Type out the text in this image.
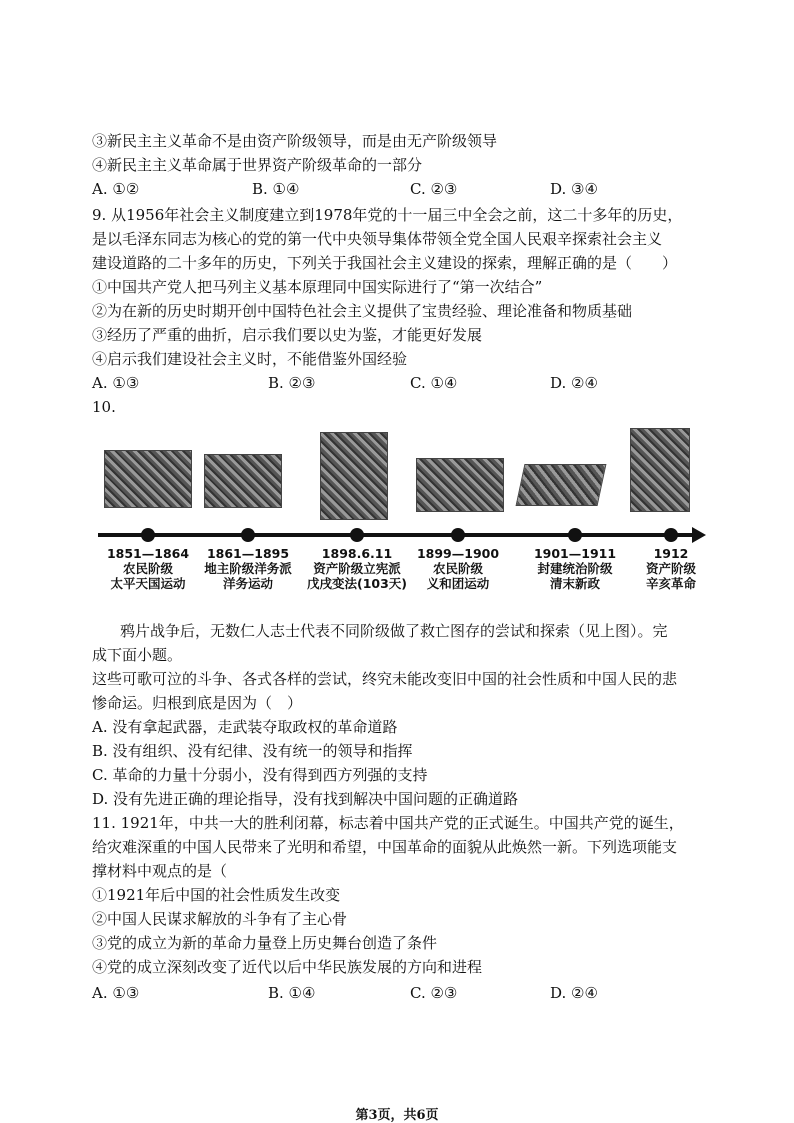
③新民主主义革命不是由资产阶级领导，而是由无产阶级领导
④新民主主义革命属于世界资产阶级革命的一部分
A. ①②	B. ①④	C. ②③	D. ③④
9. 从1956年社会主义制度建立到1978年党的十一届三中全会之前，这二十多年的历史，
是以毛泽东同志为核心的党的第一代中央领导集体带领全党全国人民艰辛探索社会主义
建设道路的二十多年的历史，下列关于我国社会主义建设的探索，理解正确的是（　　）
①中国共产党人把马列主义基本原理同中国实际进行了“第一次结合”
②为在新的历史时期开创中国特色社会主义提供了宝贵经验、理论准备和物质基础
③经历了严重的曲折，启示我们要以史为鉴，才能更好发展
④启示我们建设社会主义时，不能借鉴外国经验
A. ①③	B. ②③	C. ①④	D. ②④
10.
1851—1864
农民阶级
太平天国运动
1861—1895
地主阶级洋务派
洋务运动
1898.6.11
资产阶级立宪派
戊戌变法(103天)
1899—1900
农民阶级
义和团运动
1901—1911
封建统治阶级
清末新政
1912
资产阶级
辛亥革命
鸦片战争后，无数仁人志士代表不同阶级做了救亡图存的尝试和探索（见上图）。完
成下面小题。
这些可歌可泣的斗争、各式各样的尝试，终究未能改变旧中国的社会性质和中国人民的悲
惨命运。归根到底是因为（　）
A. 没有拿起武器，走武装夺取政权的革命道路
B. 没有组织、没有纪律、没有统一的领导和指挥
C. 革命的力量十分弱小，没有得到西方列强的支持
D. 没有先进正确的理论指导，没有找到解决中国问题的正确道路
11. 1921年，中共一大的胜利闭幕，标志着中国共产党的正式诞生。中国共产党的诞生，
给灾难深重的中国人民带来了光明和希望，中国革命的面貌从此焕然一新。下列选项能支
撑材料中观点的是（
①1921年后中国的社会性质发生改变
②中国人民谋求解放的斗争有了主心骨
③党的成立为新的革命力量登上历史舞台创造了条件
④党的成立深刻改变了近代以后中华民族发展的方向和进程
A. ①③	B. ①④	C. ②③	D. ②④
第3页，共6页
